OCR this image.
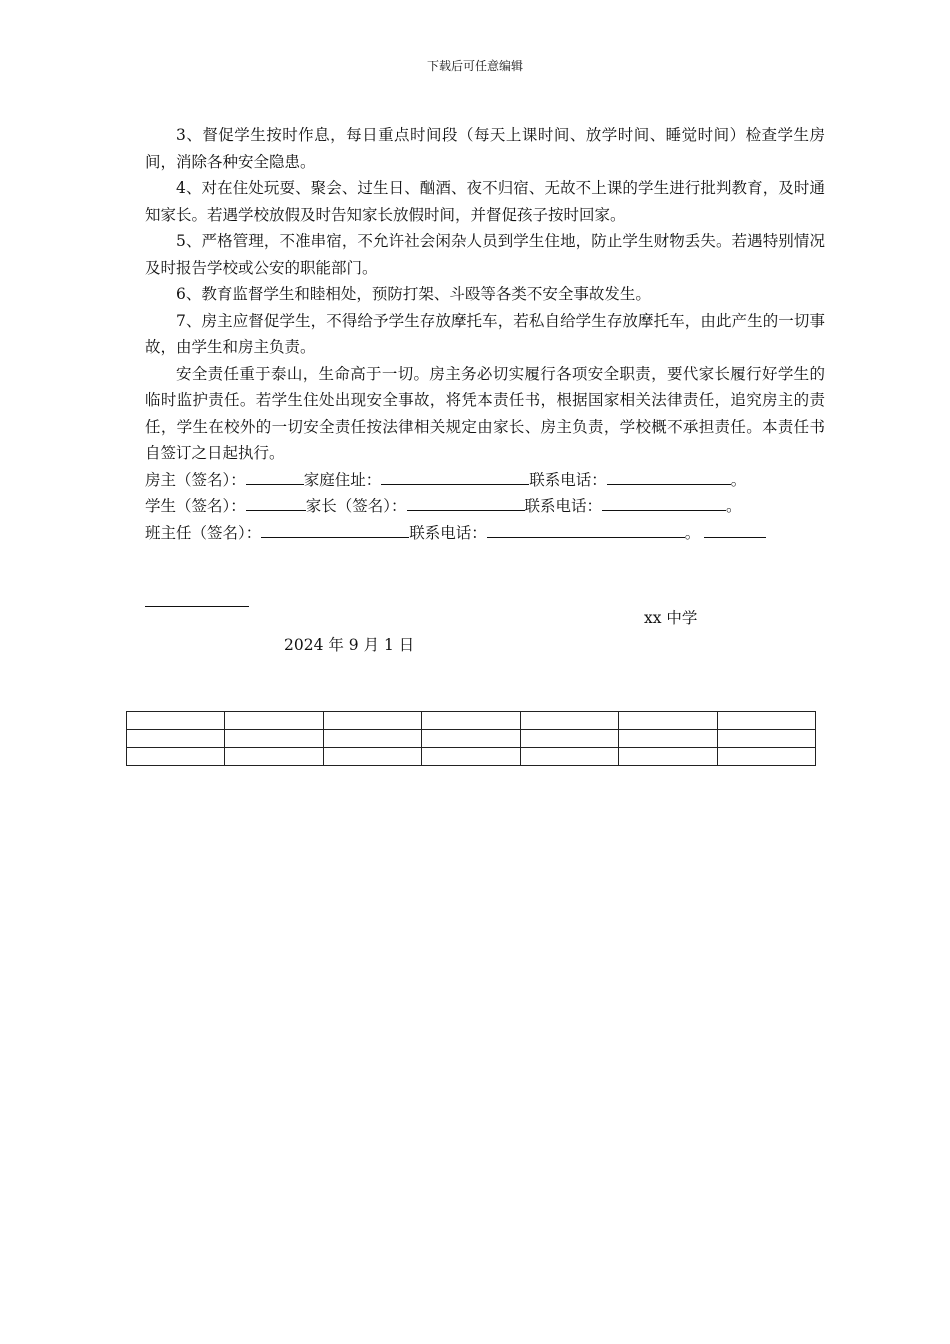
下载后可任意编辑

3、督促学生按时作息，每日重点时间段（每天上课时间、放学时间、睡觉时间）检查学生房间，消除各种安全隐患。

4、对在住处玩耍、聚会、过生日、酗酒、夜不归宿、无故不上课的学生进行批判教育，及时通知家长。若遇学校放假及时告知家长放假时间，并督促孩子按时回家。

5、严格管理，不准串宿，不允许社会闲杂人员到学生住地，防止学生财物丢失。若遇特别情况及时报告学校或公安的职能部门。

6、教育监督学生和睦相处，预防打架、斗殴等各类不安全事故发生。

7、房主应督促学生，不得给予学生存放摩托车，若私自给学生存放摩托车，由此产生的一切事故，由学生和房主负责。

安全责任重于泰山，生命高于一切。房主务必切实履行各项安全职责，要代家长履行好学生的临时监护责任。若学生住处出现安全事故，将凭本责任书，根据国家相关法律责任，追究房主的责任，学生在校外的一切安全责任按法律相关规定由家长、房主负责，学校概不承担责任。本责任书自签订之日起执行。

房主（签名）：	家庭住址：	联系电话：	。
学生（签名）：	家长（签名）：	联系电话：	。
班主任（签名）：	联系电话：	。
xx 中学
2024 年 9 月 1 日
